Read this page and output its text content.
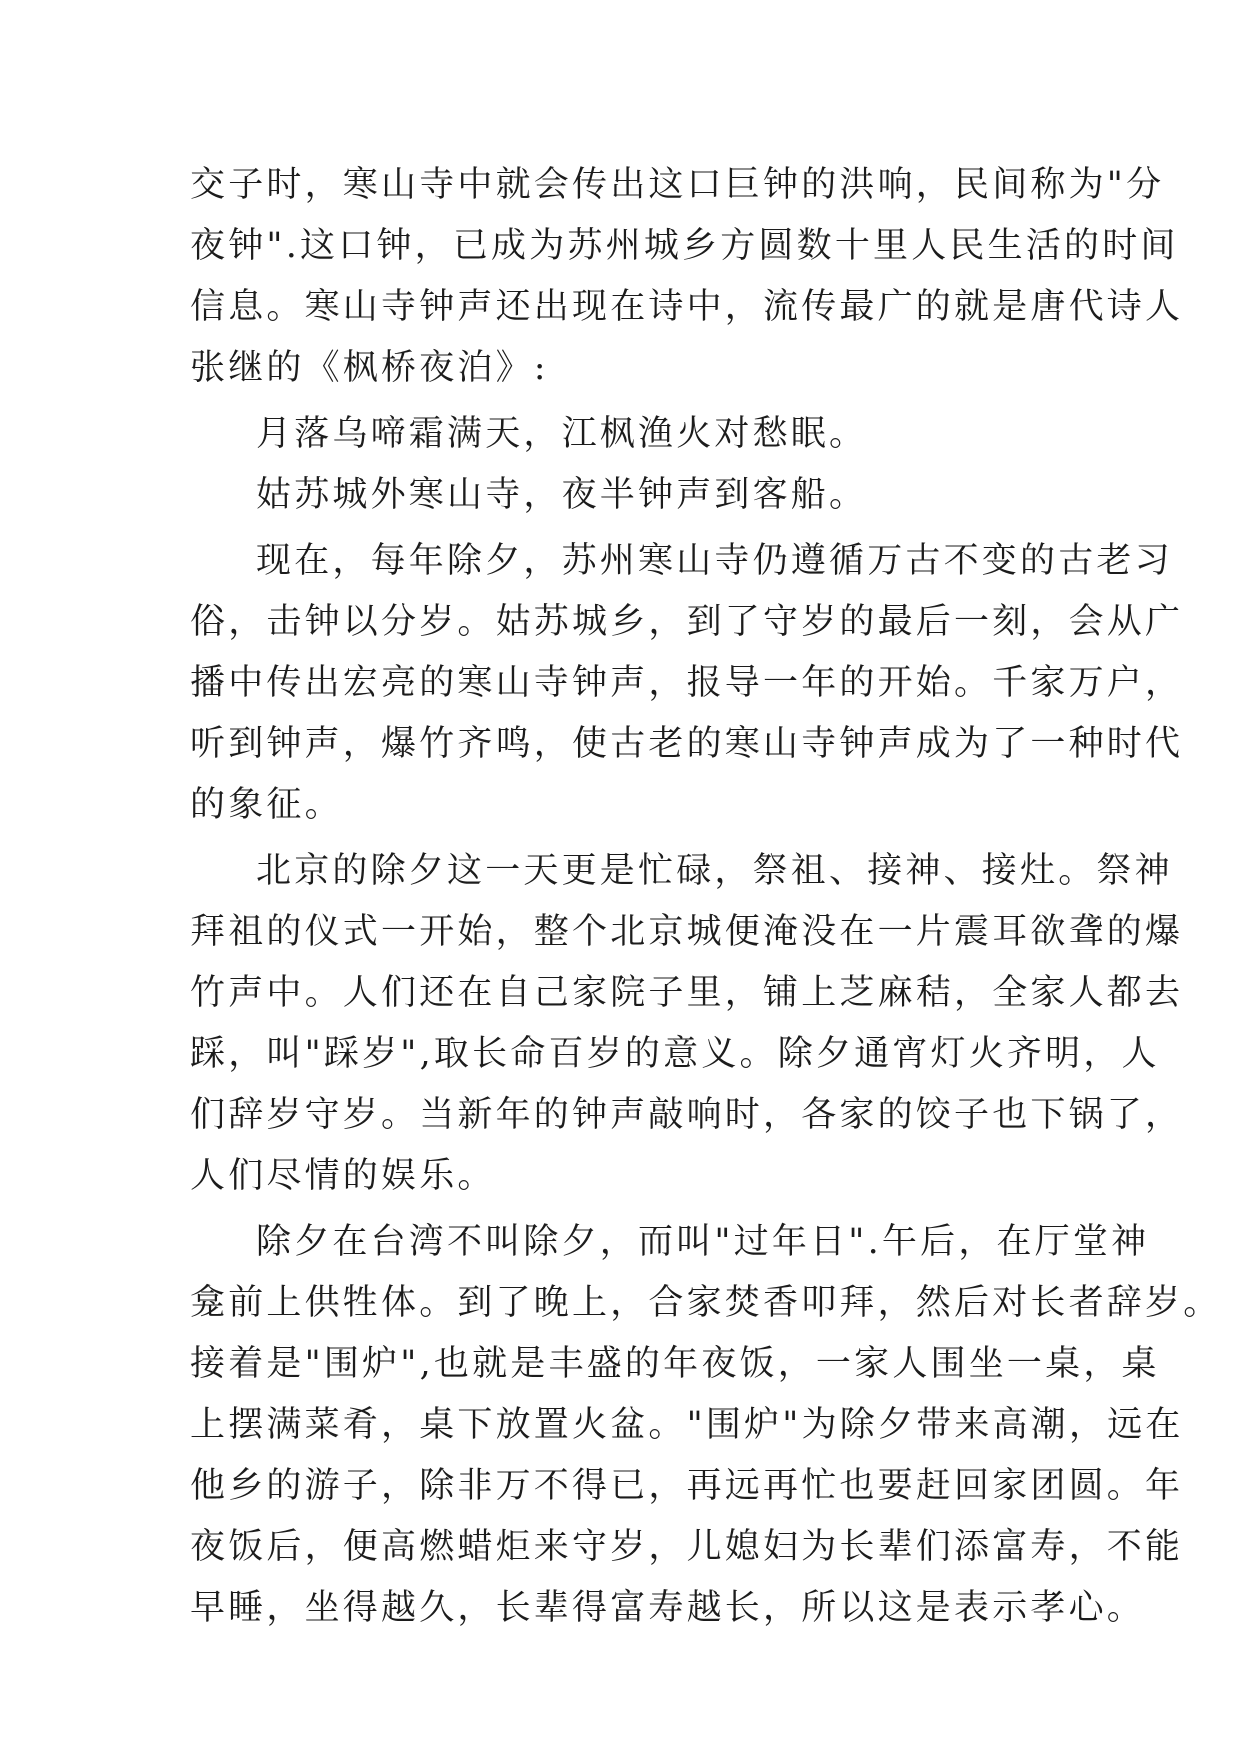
交子时，寒山寺中就会传出这口巨钟的洪响，民间称为"分
夜钟".这口钟，已成为苏州城乡方圆数十里人民生活的时间
信息。寒山寺钟声还出现在诗中，流传最广的就是唐代诗人
张继的《枫桥夜泊》:
月落乌啼霜满天，江枫渔火对愁眠。
姑苏城外寒山寺，夜半钟声到客船。
现在，每年除夕，苏州寒山寺仍遵循万古不变的古老习
俗，击钟以分岁。姑苏城乡，到了守岁的最后一刻，会从广
播中传出宏亮的寒山寺钟声，报导一年的开始。千家万户，
听到钟声，爆竹齐鸣，使古老的寒山寺钟声成为了一种时代
的象征。
北京的除夕这一天更是忙碌，祭祖、接神、接灶。祭神
拜祖的仪式一开始，整个北京城便淹没在一片震耳欲聋的爆
竹声中。人们还在自己家院子里，铺上芝麻秸，全家人都去
踩，叫"踩岁",取长命百岁的意义。除夕通宵灯火齐明，人
们辞岁守岁。当新年的钟声敲响时，各家的饺子也下锅了，
人们尽情的娱乐。
除夕在台湾不叫除夕，而叫"过年日".午后，在厅堂神
龛前上供牲体。到了晚上，合家焚香叩拜，然后对长者辞岁。
接着是"围炉",也就是丰盛的年夜饭，一家人围坐一桌，桌
上摆满菜肴，桌下放置火盆。"围炉"为除夕带来高潮，远在
他乡的游子，除非万不得已，再远再忙也要赶回家团圆。年
夜饭后，便高燃蜡炬来守岁，儿媳妇为长辈们添富寿，不能
早睡，坐得越久，长辈得富寿越长，所以这是表示孝心。
